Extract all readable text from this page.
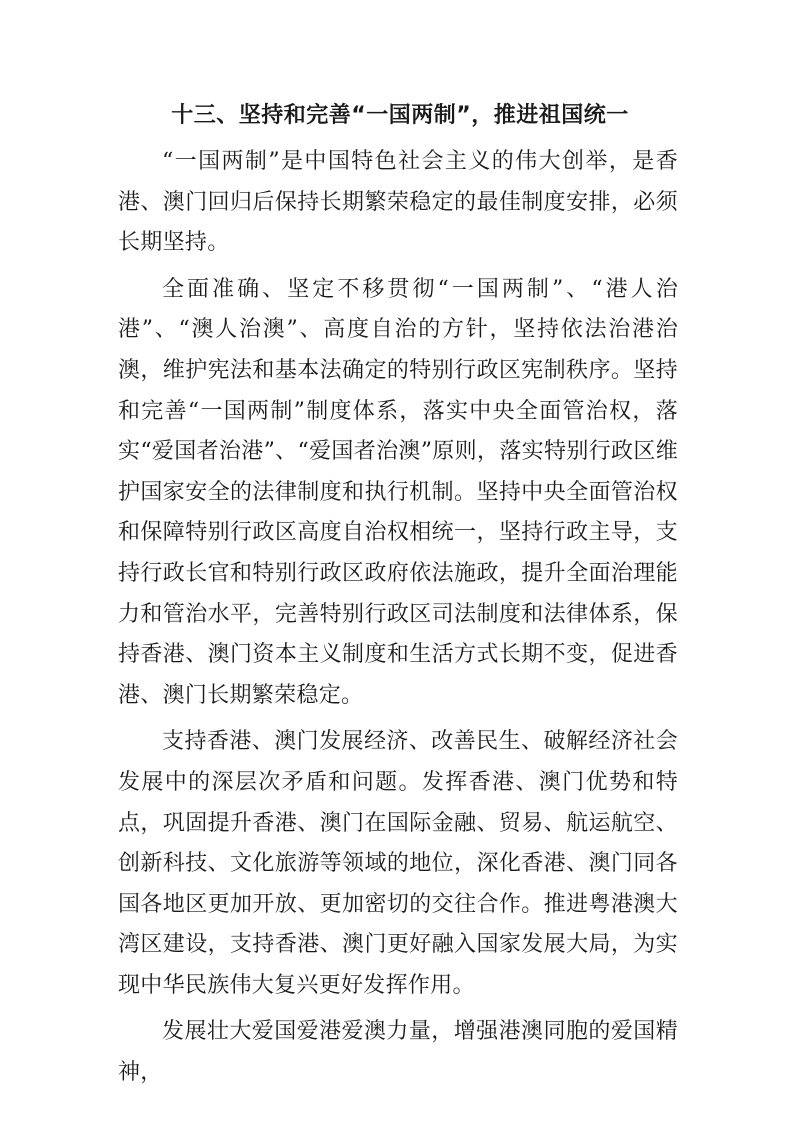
十三、坚持和完善“一国两制”，推进祖国统一

“一国两制”是中国特色社会主义的伟大创举，是香港、澳门回归后保持长期繁荣稳定的最佳制度安排，必须长期坚持。

全面准确、坚定不移贯彻“一国两制”、“港人治港”、“澳人治澳”、高度自治的方针，坚持依法治港治澳，维护宪法和基本法确定的特别行政区宪制秩序。坚持和完善“一国两制”制度体系，落实中央全面管治权，落实“爱国者治港”、“爱国者治澳”原则，落实特别行政区维护国家安全的法律制度和执行机制。坚持中央全面管治权和保障特别行政区高度自治权相统一，坚持行政主导，支持行政长官和特别行政区政府依法施政，提升全面治理能力和管治水平，完善特别行政区司法制度和法律体系，保持香港、澳门资本主义制度和生活方式长期不变，促进香港、澳门长期繁荣稳定。

支持香港、澳门发展经济、改善民生、破解经济社会发展中的深层次矛盾和问题。发挥香港、澳门优势和特点，巩固提升香港、澳门在国际金融、贸易、航运航空、创新科技、文化旅游等领域的地位，深化香港、澳门同各国各地区更加开放、更加密切的交往合作。推进粤港澳大湾区建设，支持香港、澳门更好融入国家发展大局，为实现中华民族伟大复兴更好发挥作用。

发展壮大爱国爱港爱澳力量，增强港澳同胞的爱国精神，
